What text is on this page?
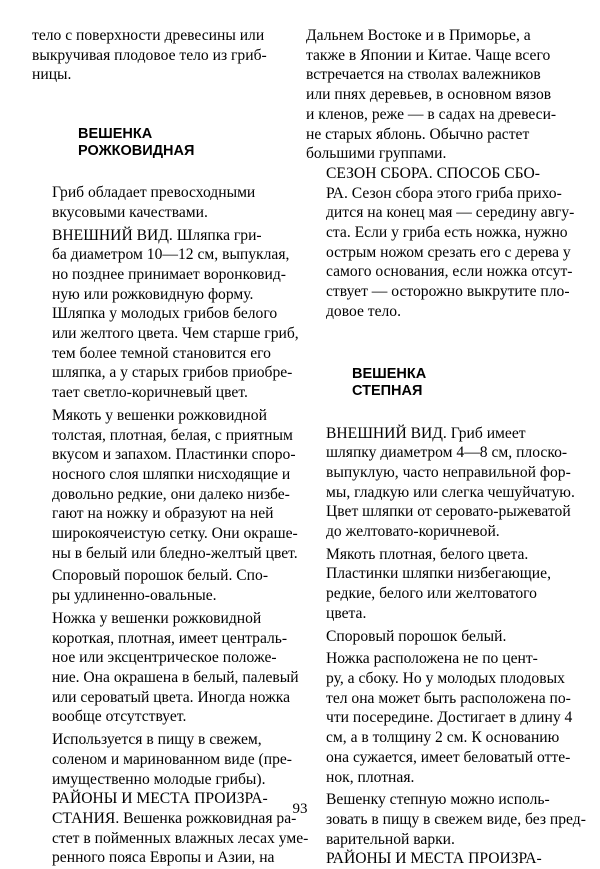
тело с поверхности древесины или
выкручивая плодовое тело из гриб-
ницы.

ВЕШЕНКА
РОЖКОВИДНАЯ

Гриб обладает превосходными
вкусовыми качествами.

ВНЕШНИЙ ВИД. Шляпка гри-
ба диаметром 10—12 см, выпуклая,
но позднее принимает воронковид-
ную или рожковидную форму.
Шляпка у молодых грибов белого
или желтого цвета. Чем старше гриб,
тем более темной становится его
шляпка, а у старых грибов приобре-
тает светло-коричневый цвет.

Мякоть у вешенки рожковидной
толстая, плотная, белая, с приятным
вкусом и запахом. Пластинки споро-
носного слоя шляпки нисходящие и
довольно редкие, они далеко низбе-
гают на ножку и образуют на ней
широкоячеистую сетку. Они окраше-
ны в белый или бледно-желтый цвет.

Споровый порошок белый. Спо-
ры удлиненно-овальные.

Ножка у вешенки рожковидной
короткая, плотная, имеет централь-
ное или эксцентрическое положе-
ние. Она окрашена в белый, палевый
или сероватый цвета. Иногда ножка
вообще отсутствует.

Используется в пищу в свежем,
соленом и маринованном виде (пре-
имущественно молодые грибы).

РАЙОНЫ И МЕСТА ПРОИЗРА-
СТАНИЯ. Вешенка рожковидная ра-
стет в пойменных влажных лесах уме-
ренного пояса Европы и Азии, на

Дальнем Востоке и в Приморье, а
также в Японии и Китае. Чаще всего
встречается на стволах валежников
или пнях деревьев, в основном вязов
и кленов, реже — в садах на древеси-
не старых яблонь. Обычно растет
большими группами.

СЕЗОН СБОРА. СПОСОБ СБО-
РА. Сезон сбора этого гриба прихо-
дится на конец мая — середину авгу-
ста. Если у гриба есть ножка, нужно
острым ножом срезать его с дерева у
самого основания, если ножка отсут-
ствует — осторожно выкрутите пло-
довое тело.

ВЕШЕНКА
СТЕПНАЯ

ВНЕШНИЙ ВИД. Гриб имеет
шляпку диаметром 4—8 см, плоско-
выпуклую, часто неправильной фор-
мы, гладкую или слегка чешуйчатую.
Цвет шляпки от серовато-рыжеватой
до желтовато-коричневой.

Мякоть плотная, белого цвета.
Пластинки шляпки низбегающие,
редкие, белого или желтоватого
цвета.

Споровый порошок белый.

Ножка расположена не по цент-
ру, а сбоку. Но у молодых плодовых
тел она может быть расположена по-
чти посередине. Достигает в длину 4
см, а в толщину 2 см. К основанию
она сужается, имеет беловатый отте-
нок, плотная.

Вешенку степную можно исполь-
зовать в пищу в свежем виде, без пред-
варительной варки.

РАЙОНЫ И МЕСТА ПРОИЗРА-

93
